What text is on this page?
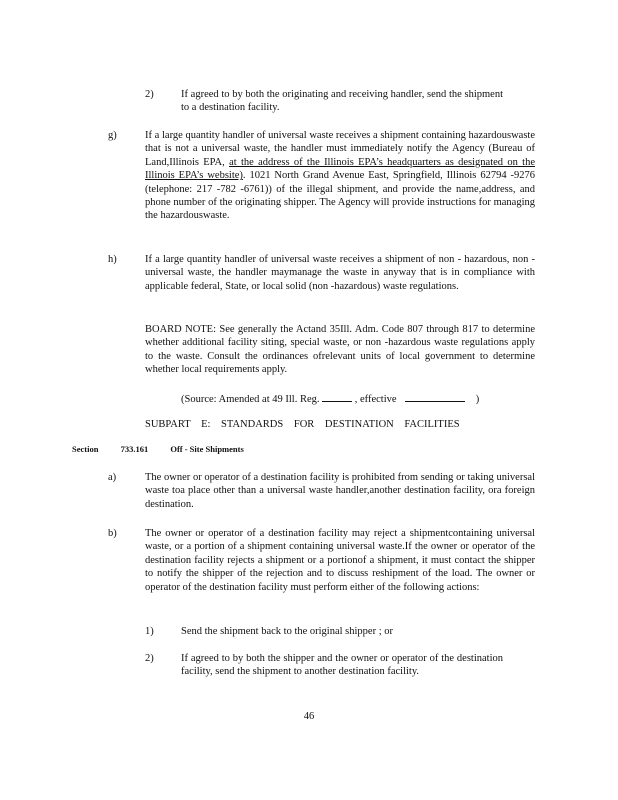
2)	If agreed to by both the originating and receiving handler, send the shipment to a destination facility.
g)	If a large quantity handler of universal waste receives a shipment containing hazardouswaste that is not a universal waste, the handler must immediately notify the Agency (Bureau of Land,Illinois EPA, at the address of the Illinois EPA’s headquarters as designated on the Illinois EPA’s website). 1021 North Grand Avenue East, Springfield, Illinois 62794 -9276 (telephone: 217 -782 -6761)) of the illegal shipment, and provide the name,address, and phone number of the originating shipper. The Agency will provide instructions for managing the hazardouswaste.
h)	If a large quantity handler of universal waste receives a shipment of non - hazardous, non -universal waste, the handler maymanage the waste in anyway that is in compliance with applicable federal, State, or local solid (non -hazardous) waste regulations.
BOARD NOTE: See generally the Actand 35Ill. Adm. Code 807 through 817 to determine whether additional facility siting, special waste, or non -hazardous waste regulations apply to the waste. Consult the ordinances ofrelevant units of local government to determine whether local requirements apply.
(Source: Amended at 49 Ill. Reg.	, effective	)
SUBPART E: STANDARDS FOR DESTINATION FACILITIES
Section	733.161	Off - Site Shipments
a)	The owner or operator of a destination facility is prohibited from sending or taking universal waste toa place other than a universal waste handler,another destination facility, ora foreign destination.
b)	The owner or operator of a destination facility may reject a shipmentcontaining universal waste, or a portion of a shipment containing universal waste.If the owner or operator of the destination facility rejects a shipment or a portionof a shipment, it must contact the shipper to notify the shipper of the rejection and to discuss reshipment of the load. The owner or operator of the destination facility must perform either of the following actions:
1)	Send the shipment back to the original shipper ; or
2)	If agreed to by both the shipper and the owner or operator of the destination facility, send the shipment to another destination facility.
46
